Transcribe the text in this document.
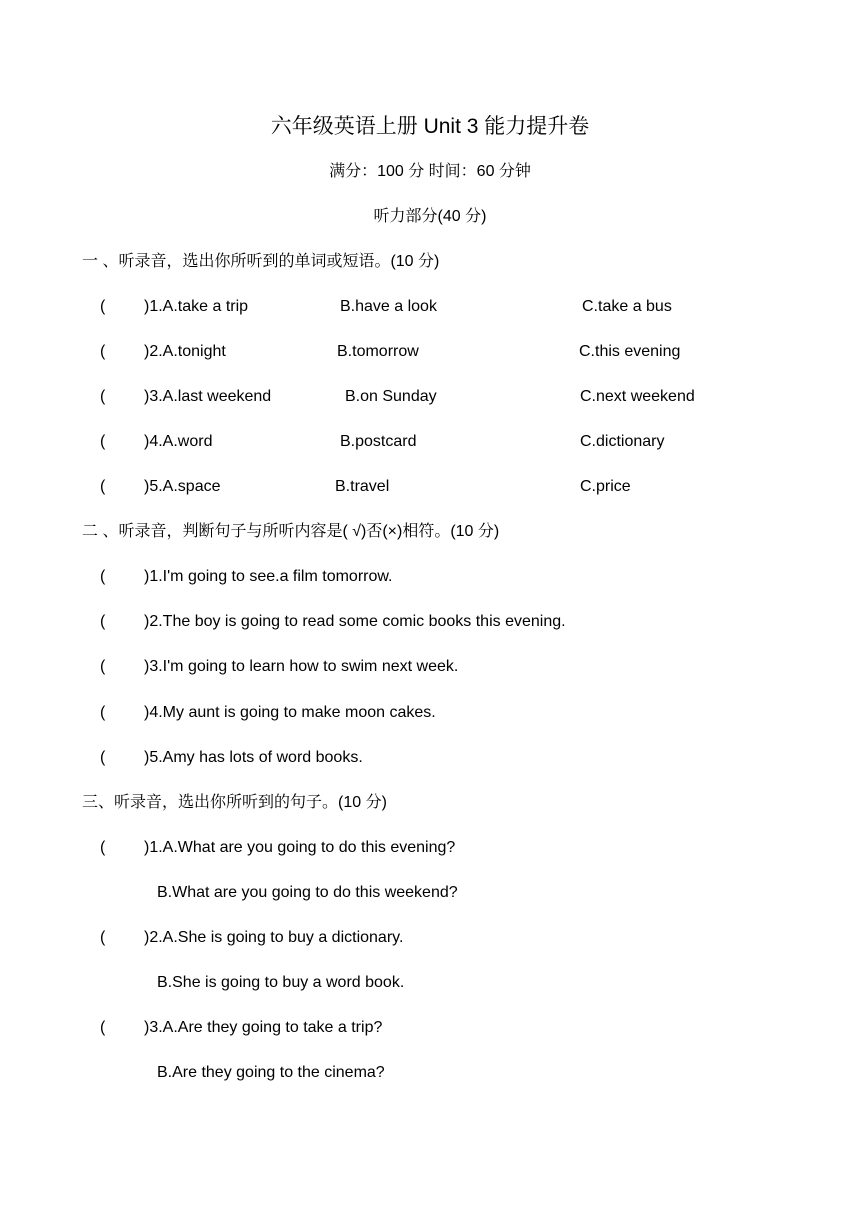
六年级英语上册 Unit 3 能力提升卷
满分：100 分 时间：60 分钟
听力部分(40 分)
一 、听录音，选出你所听到的单词或短语。(10 分)
( )1.A.take a trip	B.have a look	C.take a bus
( )2.A.tonight	B.tomorrow	C.this evening
( )3.A.last weekend	B.on Sunday	C.next weekend
( )4.A.word	B.postcard	C.dictionary
( )5.A.space	B.travel	C.price
二 、听录音，判断句子与所听内容是( √)否(×)相符。(10 分)
( )1.I'm going to see.a film tomorrow.
( )2.The boy is going to read some comic books this evening.
( )3.I'm going to learn how to swim next week.
( )4.My aunt is going to make moon cakes.
( )5.Amy has lots of word books.
三、听录音，选出你所听到的句子。(10 分)
( )1.A.What are you going to do this evening?
B.What are you going to do this weekend?
( )2.A.She is going to buy a dictionary.
B.She is going to buy a word book.
( )3.A.Are they going to take a trip?
B.Are they going to the cinema?
